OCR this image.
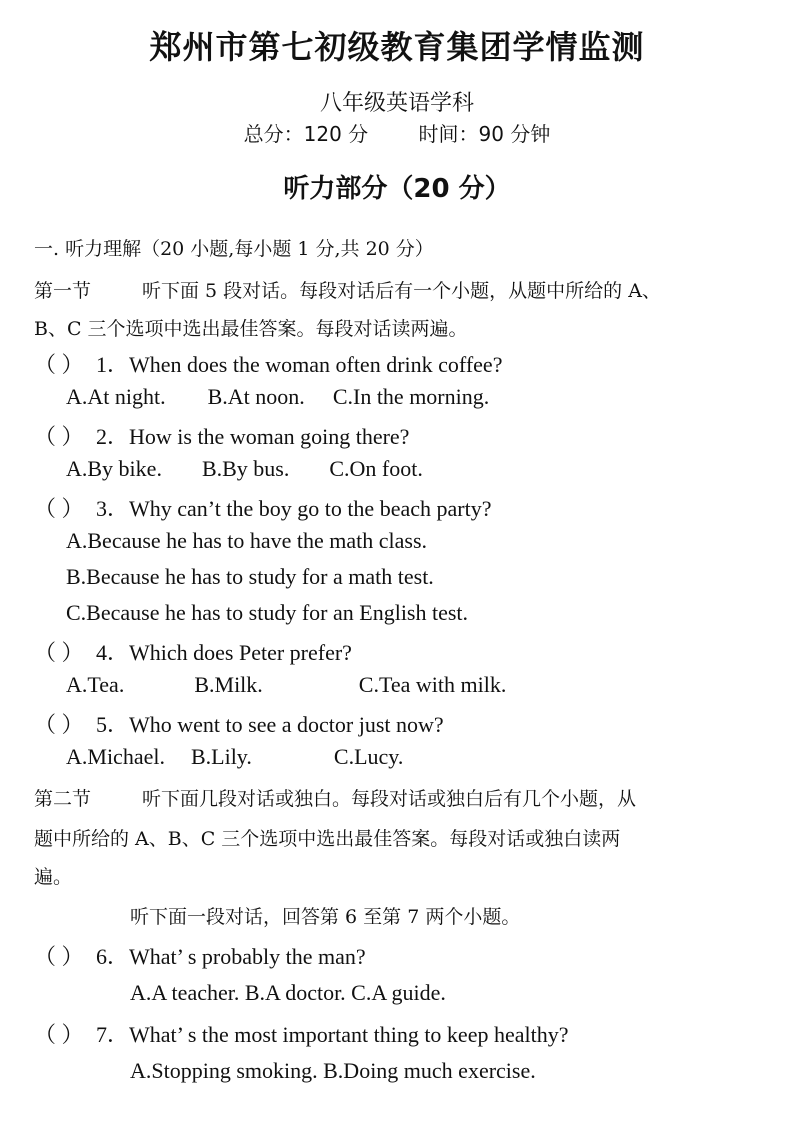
郑州市第七初级教育集团学情监测
八年级英语学科
总分：120 分	时间：90 分钟
听力部分（20 分）
一. 听力理解（20 小题,每小题 1 分,共 20 分）
第一节	听下面 5 段对话。每段对话后有一个小题，从题中所给的 A、
B、C 三个选项中选出最佳答案。每段对话读两遍。
（ ） 1．When does the woman often drink coffee?
A.At night. B.At noon. C.In the morning.
（ ） 2．How is the woman going there?
A.By bike. B.By bus. C.On foot.
（ ） 3．Why can’t the boy go to the beach party?
A.Because he has to have the math class.
B.Because he has to study for a math test.
C.Because he has to study for an English test.
（ ） 4．Which does Peter prefer?
A.Tea.	B.Milk.	C.Tea with milk.
（ ） 5．Who went to see a doctor just now?
A.Michael. B.Lily.	C.Lucy.
第二节	听下面几段对话或独白。每段对话或独白后有几个小题，从
题中所给的 A、B、C 三个选项中选出最佳答案。每段对话或独白读两
遍。
听下面一段对话，回答第 6 至第 7 两个小题。
（ ） 6．What’ s probably the man?
A.A teacher. B.A doctor. C.A guide.
（ ） 7．What’ s the most important thing to keep healthy?
A.Stopping smoking. B.Doing much exercise.
